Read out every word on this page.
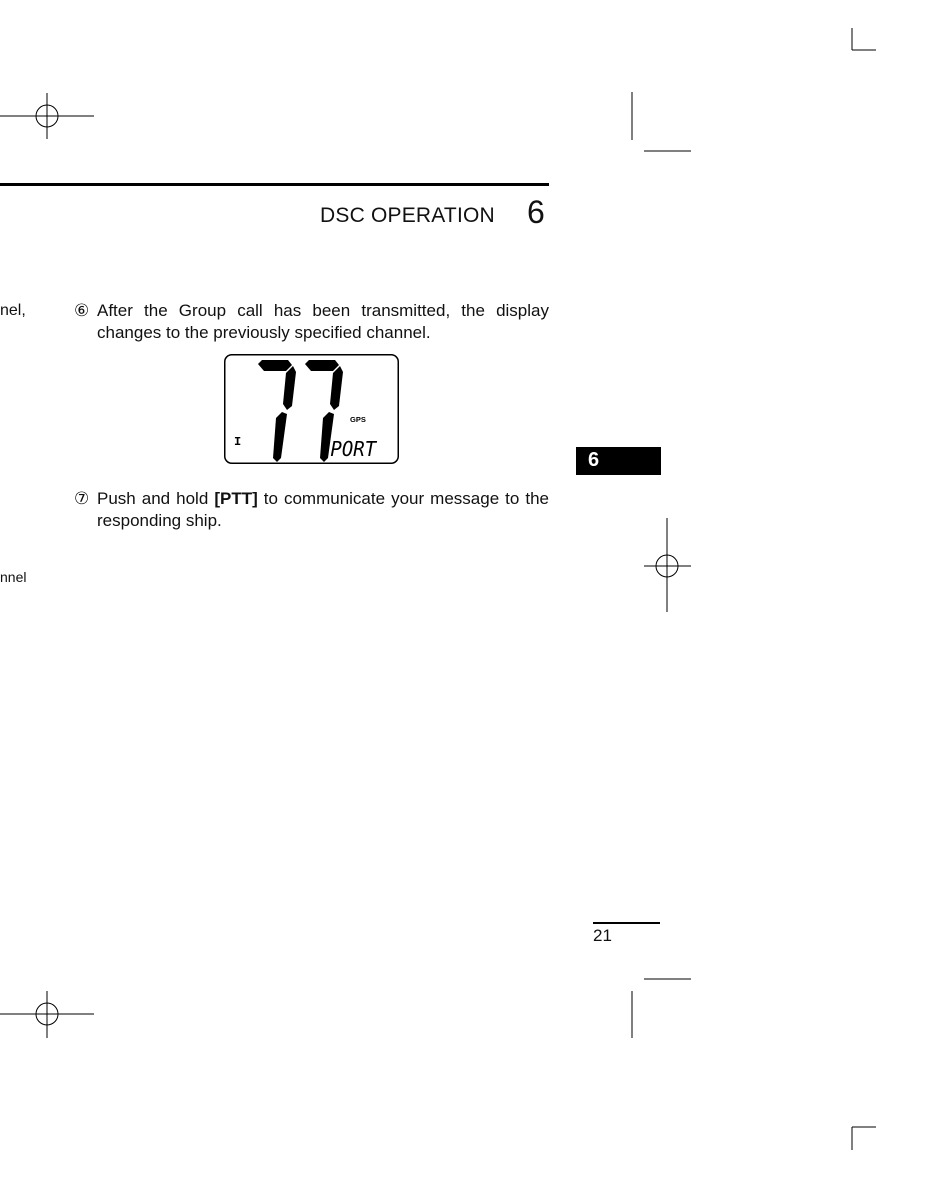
DSC OPERATION 6
nel,
nnel
⑥ After the Group call has been transmitted, the display changes to the previously specified channel.
I
GPS
PORT
⑦ Push and hold [PTT] to communicate your message to the responding ship.
6
21
